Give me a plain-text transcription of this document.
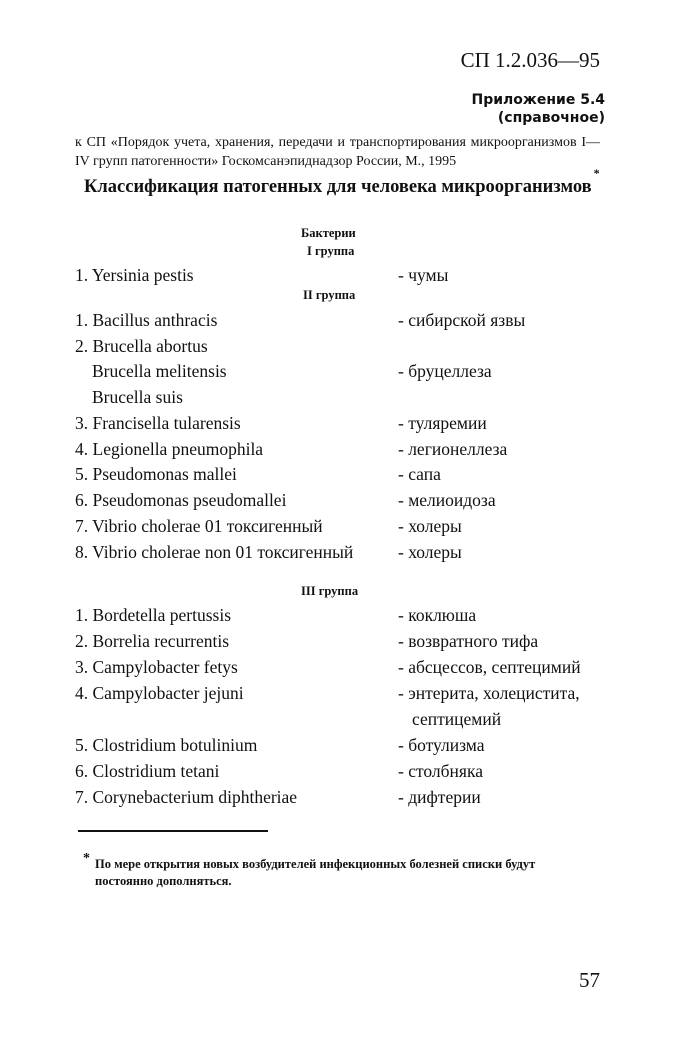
СП 1.2.036—95
Приложение 5.4
(справочное)
к СП «Порядок учета, хранения, передачи и транспортирования микроорганизмов I—IV групп патогенности» Госкомсанэпиднадзор России, М., 1995
Классификация патогенных для человека микроорганизмов*
Бактерии
I группа
1. Yersinia pestis	- чумы
II группа
1. Bacillus anthracis	- сибирской язвы
2. Brucella abortus
Brucella melitensis	- бруцеллеза
Brucella suis
3. Francisella tularensis	- туляремии
4. Legionella pneumophila	- легионеллеза
5. Pseudomonas mallei	- сапа
6. Pseudomonas pseudomallei	- мелиоидоза
7. Vibrio cholerae 01 токсигенный	- холеры
8. Vibrio cholerae non 01 токсигенный	- холеры
III группа
1. Bordetella pertussis	- коклюша
2. Borrelia recurrentis	- возвратного тифа
3. Campylobacter fetys	- абсцессов, септецимий
4. Campylobacter jejuni	- энтерита, холецистита,
септицемий
5. Clostridium botulinium	- ботулизма
6. Clostridium tetani	- столбняка
7. Corynebacterium diphtheriae	- дифтерии
* По мере открытия новых возбудителей инфекционных болезней списки будут постоянно дополняться.
57
